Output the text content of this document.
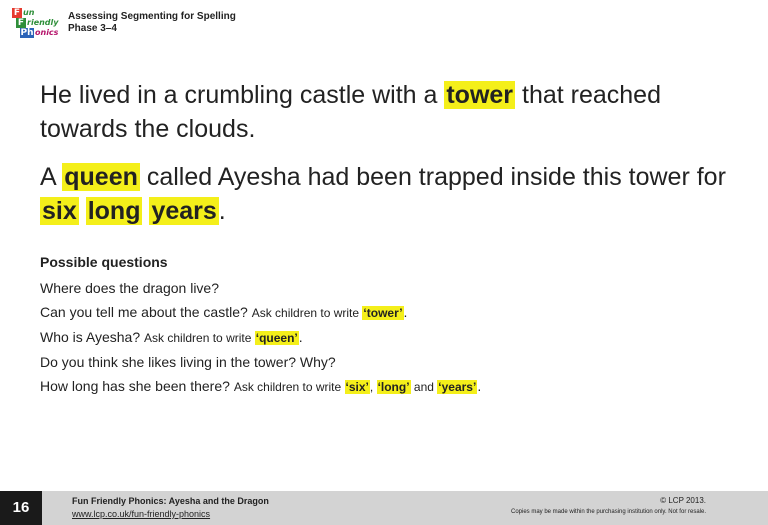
F un
F riendly
Ph onics
Assessing Segmenting for Spelling
Phase 3–4

He lived in a crumbling castle with a tower that reached towards the clouds.

A queen called Ayesha had been trapped inside this tower for six long years.

Possible questions

Where does the dragon live?

Can you tell me about the castle? Ask children to write ‘tower’.

Who is Ayesha? Ask children to write ‘queen’.

Do you think she likes living in the tower? Why?

How long has she been there? Ask children to write ‘six’, ‘long’ and ‘years’.

16	Fun Friendly Phonics: Ayesha and the Dragon
www.lcp.co.uk/fun-friendly-phonics
© LCP 2013.
Copies may be made within the purchasing institution only. Not for resale.
